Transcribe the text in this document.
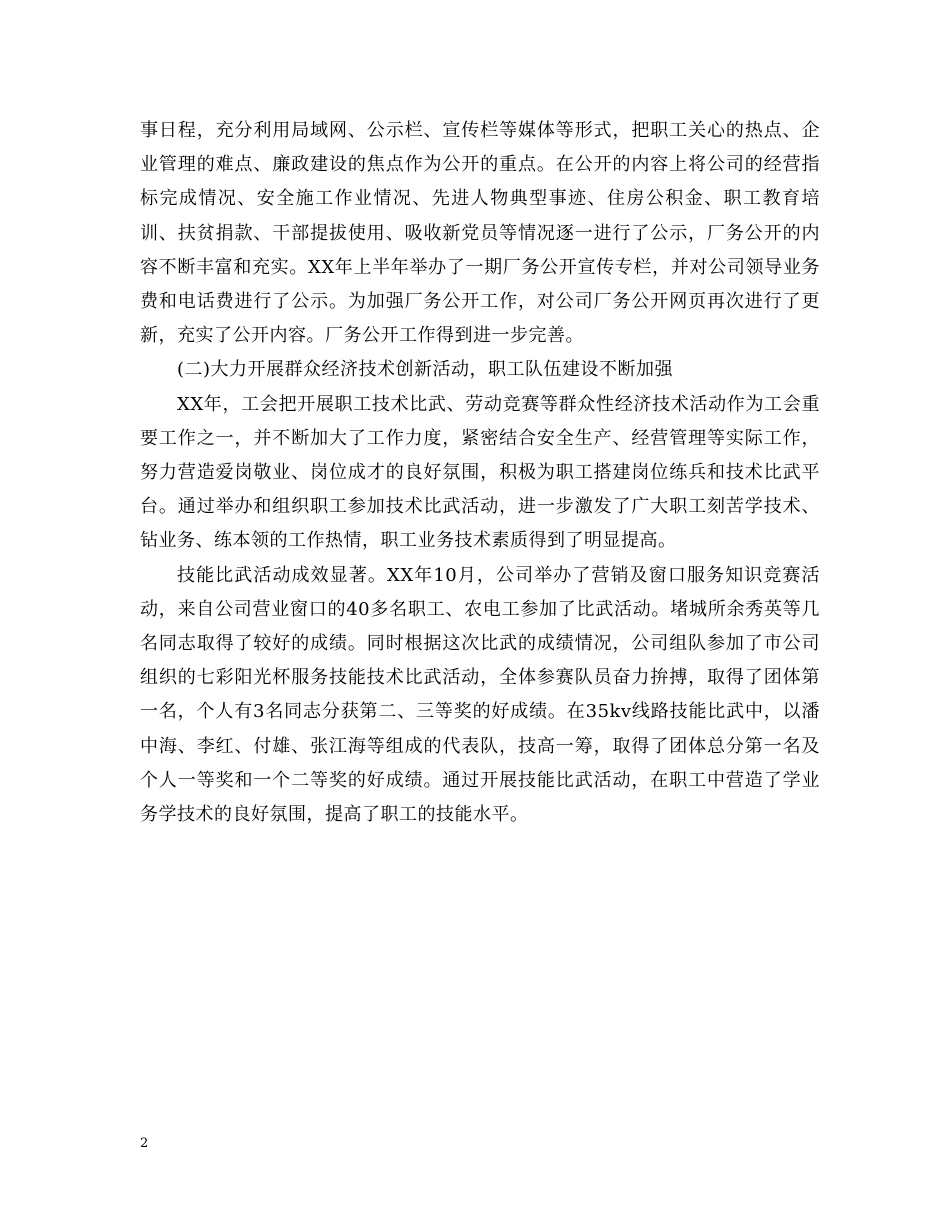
事日程，充分利用局域网、公示栏、宣传栏等媒体等形式，把职工关心的热点、企业管理的难点、廉政建设的焦点作为公开的重点。在公开的内容上将公司的经营指标完成情况、安全施工作业情况、先进人物典型事迹、住房公积金、职工教育培训、扶贫捐款、干部提拔使用、吸收新党员等情况逐一进行了公示，厂务公开的内容不断丰富和充实。XX年上半年举办了一期厂务公开宣传专栏，并对公司领导业务费和电话费进行了公示。为加强厂务公开工作，对公司厂务公开网页再次进行了更新，充实了公开内容。厂务公开工作得到进一步完善。

(二)大力开展群众经济技术创新活动，职工队伍建设不断加强

XX年，工会把开展职工技术比武、劳动竞赛等群众性经济技术活动作为工会重要工作之一，并不断加大了工作力度，紧密结合安全生产、经营管理等实际工作，努力营造爱岗敬业、岗位成才的良好氛围，积极为职工搭建岗位练兵和技术比武平台。通过举办和组织职工参加技术比武活动，进一步激发了广大职工刻苦学技术、钻业务、练本领的工作热情，职工业务技术素质得到了明显提高。

技能比武活动成效显著。XX年10月，公司举办了营销及窗口服务知识竞赛活动，来自公司营业窗口的40多名职工、农电工参加了比武活动。堵城所余秀英等几名同志取得了较好的成绩。同时根据这次比武的成绩情况，公司组队参加了市公司组织的七彩阳光杯服务技能技术比武活动，全体参赛队员奋力拚搏，取得了团体第一名，个人有3名同志分获第二、三等奖的好成绩。在35kv线路技能比武中，以潘中海、李红、付雄、张江海等组成的代表队，技高一筹，取得了团体总分第一名及个人一等奖和一个二等奖的好成绩。通过开展技能比武活动，在职工中营造了学业务学技术的良好氛围，提高了职工的技能水平。

2
